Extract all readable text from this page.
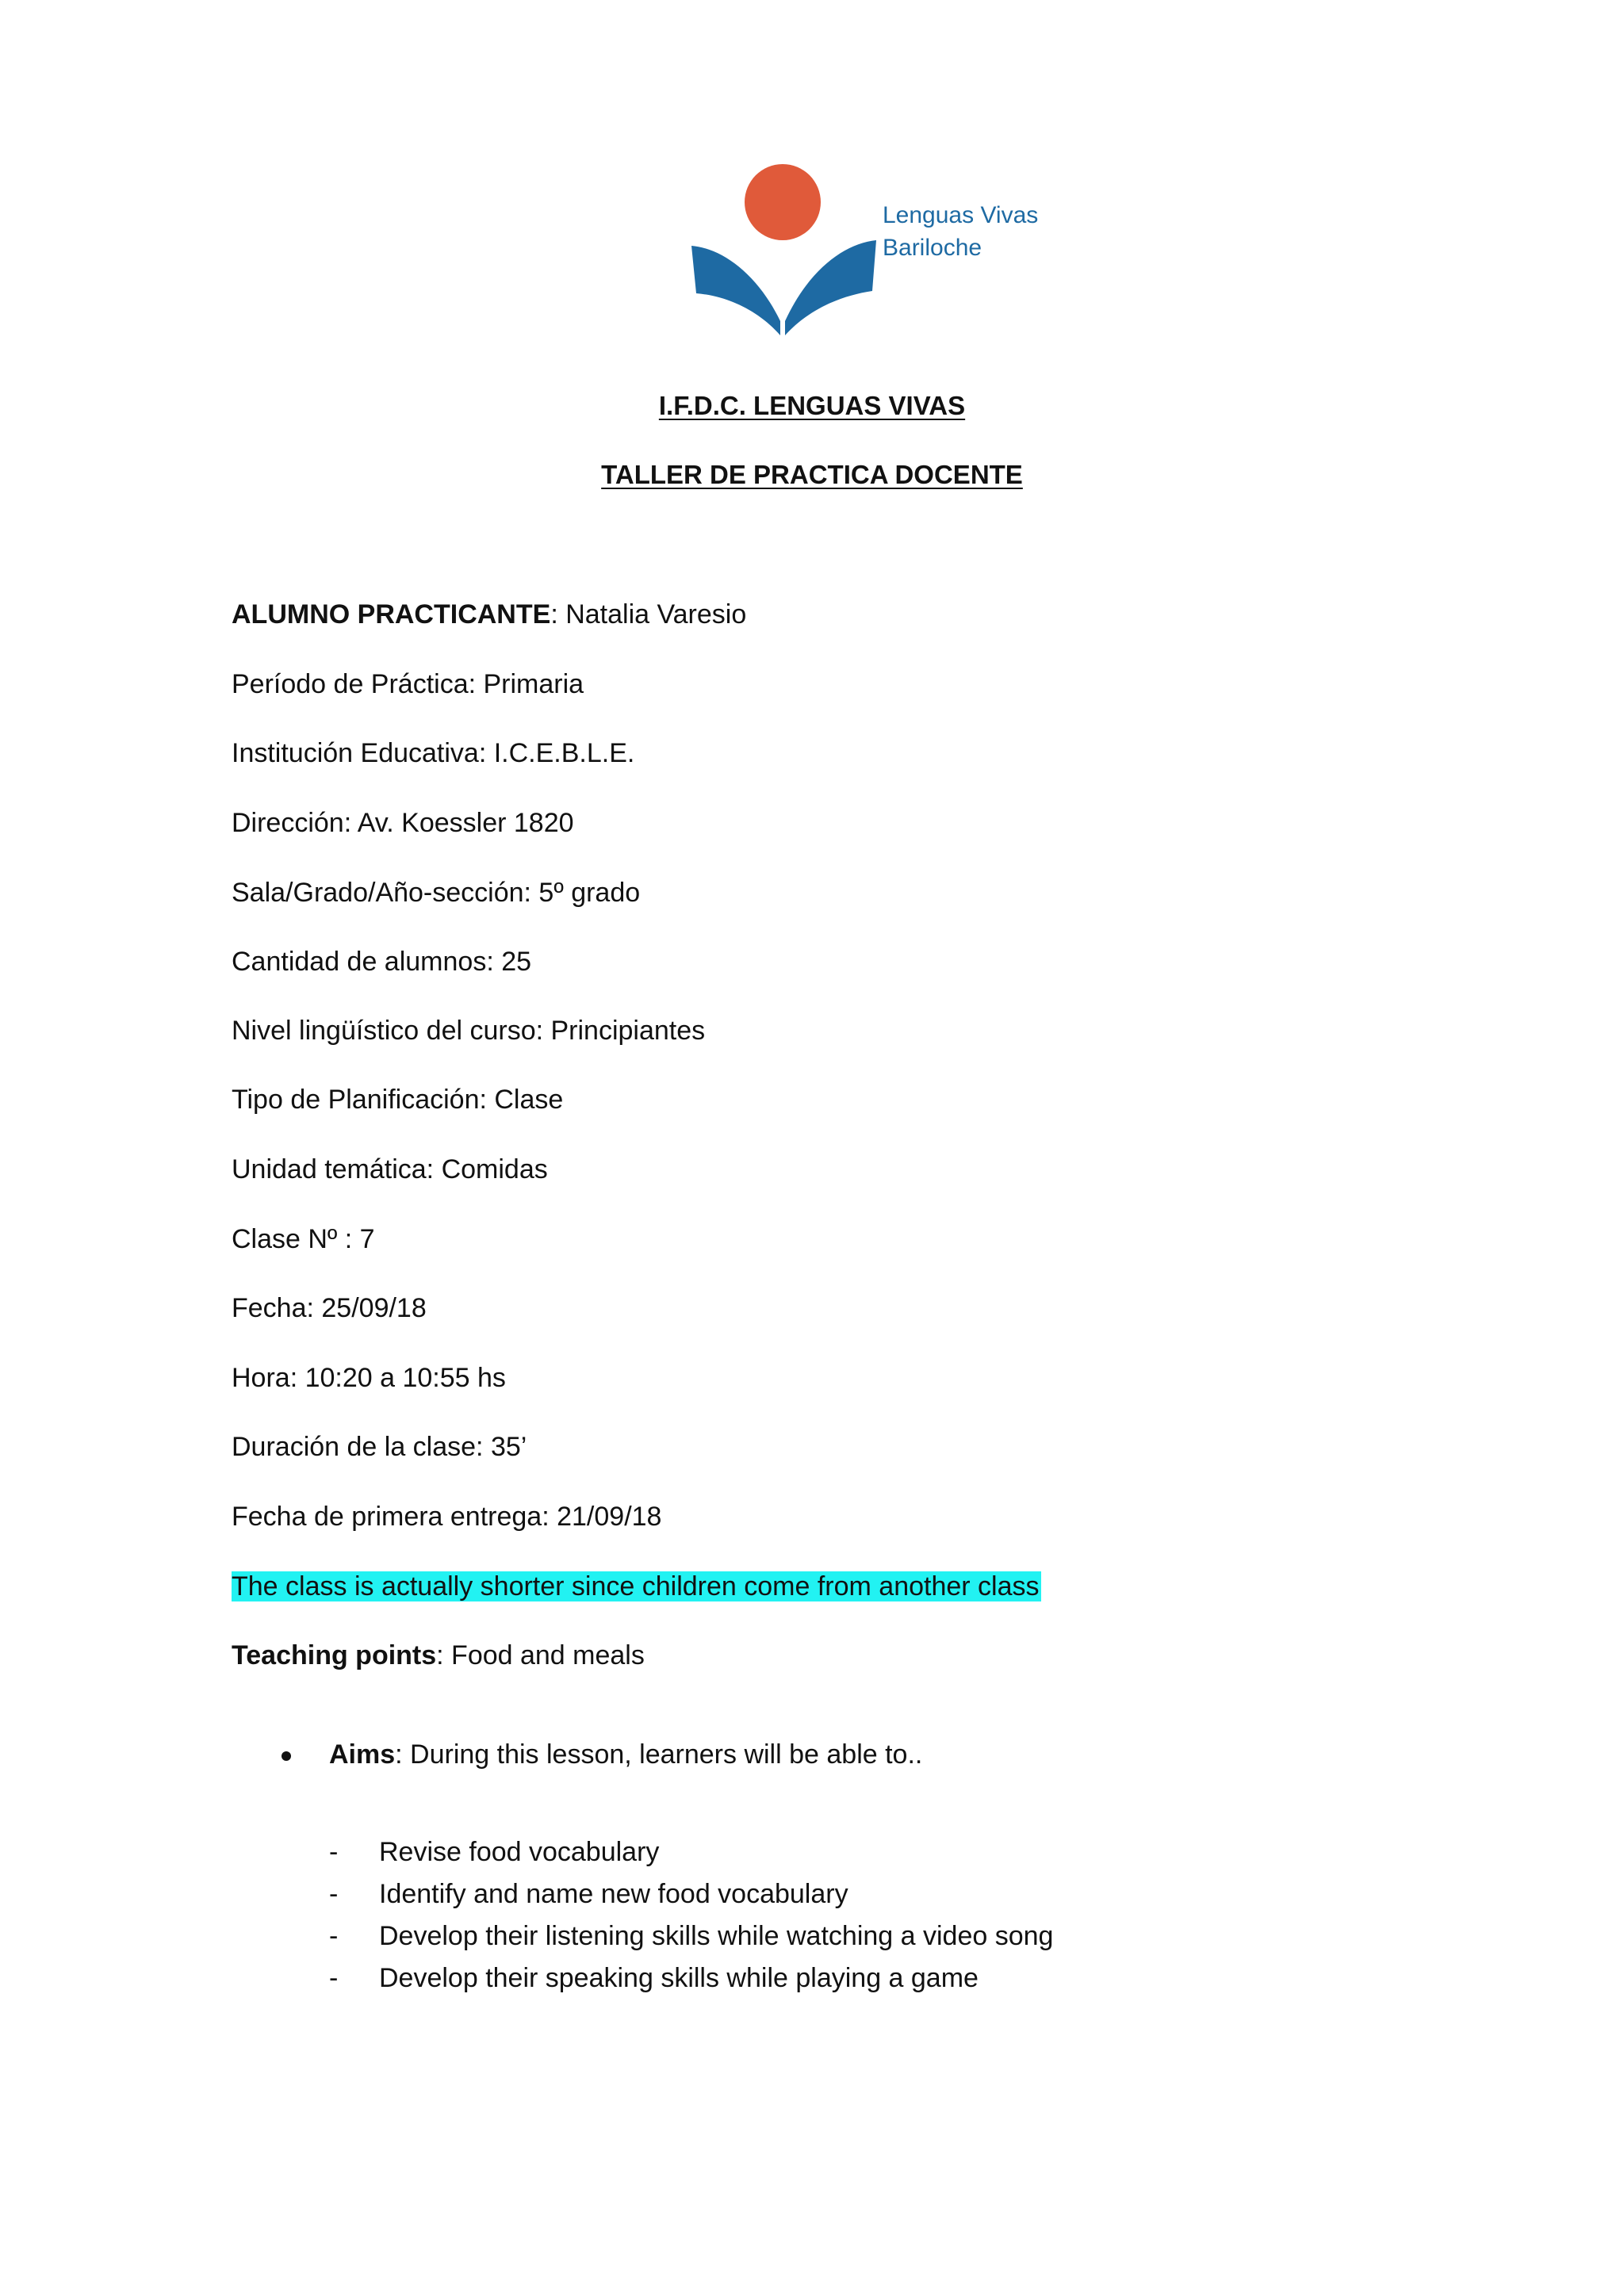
Lenguas Vivas
Bariloche
I.F.D.C. LENGUAS VIVAS
TALLER DE PRACTICA DOCENTE
ALUMNO PRACTICANTE: Natalia Varesio
Período de Práctica: Primaria
Institución Educativa: I.C.E.B.L.E.
Dirección: Av. Koessler 1820
Sala/Grado/Año-sección: 5º grado
Cantidad de alumnos: 25
Nivel lingüístico del curso: Principiantes
Tipo de Planificación: Clase
Unidad temática: Comidas
Clase Nº : 7
Fecha: 25/09/18
Hora: 10:20 a 10:55 hs
Duración de la clase: 35’
Fecha de primera entrega: 21/09/18
The class is actually shorter since children come from another class
Teaching points: Food and meals
Aims: During this lesson, learners will be able to..
- Revise food vocabulary
- Identify and name new food vocabulary
- Develop their listening skills while watching a video song
- Develop their speaking skills while playing a game
